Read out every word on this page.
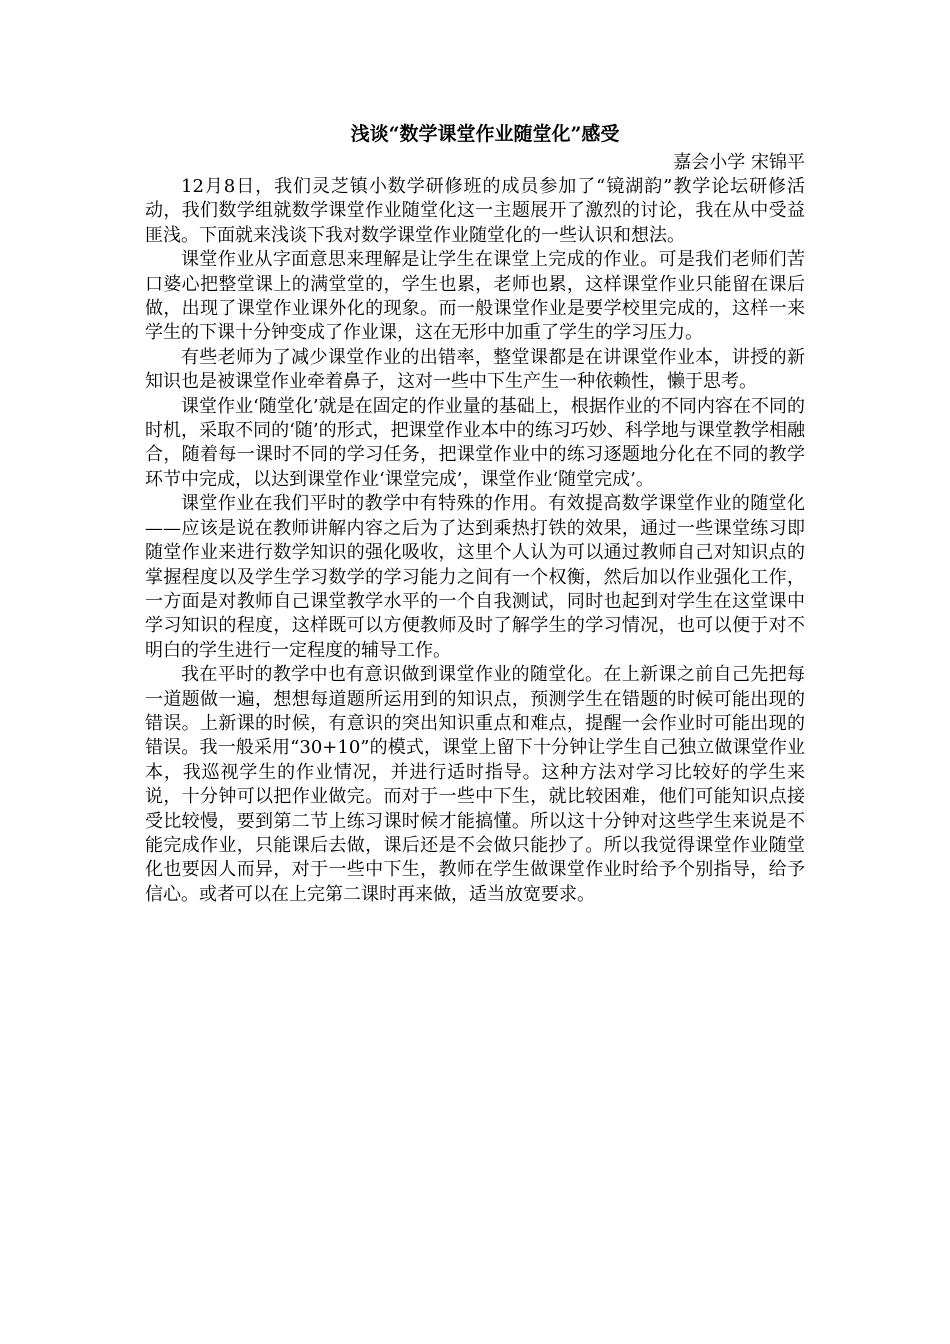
浅谈“数学课堂作业随堂化”感受

嘉会小学 宋锦平

12月8日，我们灵芝镇小数学研修班的成员参加了“镜湖韵”教学论坛研修活动，我们数学组就数学课堂作业随堂化这一主题展开了激烈的讨论，我在从中受益匪浅。下面就来浅谈下我对数学课堂作业随堂化的一些认识和想法。

课堂作业从字面意思来理解是让学生在课堂上完成的作业。可是我们老师们苦口婆心把整堂课上的满堂堂的，学生也累，老师也累，这样课堂作业只能留在课后做，出现了课堂作业课外化的现象。而一般课堂作业是要学校里完成的，这样一来学生的下课十分钟变成了作业课，这在无形中加重了学生的学习压力。

有些老师为了减少课堂作业的出错率，整堂课都是在讲课堂作业本，讲授的新知识也是被课堂作业牵着鼻子，这对一些中下生产生一种依赖性，懒于思考。

课堂作业‘随堂化’就是在固定的作业量的基础上，根据作业的不同内容在不同的时机，采取不同的‘随’的形式，把课堂作业本中的练习巧妙、科学地与课堂教学相融合，随着每一课时不同的学习任务，把课堂作业中的练习逐题地分化在不同的教学环节中完成，以达到课堂作业‘课堂完成’，课堂作业‘随堂完成’。

课堂作业在我们平时的教学中有特殊的作用。有效提高数学课堂作业的随堂化——应该是说在教师讲解内容之后为了达到乘热打铁的效果，通过一些课堂练习即随堂作业来进行数学知识的强化吸收，这里个人认为可以通过教师自己对知识点的掌握程度以及学生学习数学的学习能力之间有一个权衡，然后加以作业强化工作，一方面是对教师自己课堂教学水平的一个自我测试，同时也起到对学生在这堂课中学习知识的程度，这样既可以方便教师及时了解学生的学习情况，也可以便于对不明白的学生进行一定程度的辅导工作。

我在平时的教学中也有意识做到课堂作业的随堂化。在上新课之前自己先把每一道题做一遍，想想每道题所运用到的知识点，预测学生在错题的时候可能出现的错误。上新课的时候，有意识的突出知识重点和难点，提醒一会作业时可能出现的错误。我一般采用“30+10”的模式，课堂上留下十分钟让学生自己独立做课堂作业本，我巡视学生的作业情况，并进行适时指导。这种方法对学习比较好的学生来说，十分钟可以把作业做完。而对于一些中下生，就比较困难，他们可能知识点接受比较慢，要到第二节上练习课时候才能搞懂。所以这十分钟对这些学生来说是不能完成作业，只能课后去做，课后还是不会做只能抄了。所以我觉得课堂作业随堂化也要因人而异，对于一些中下生，教师在学生做课堂作业时给予个别指导，给予信心。或者可以在上完第二课时再来做，适当放宽要求。
